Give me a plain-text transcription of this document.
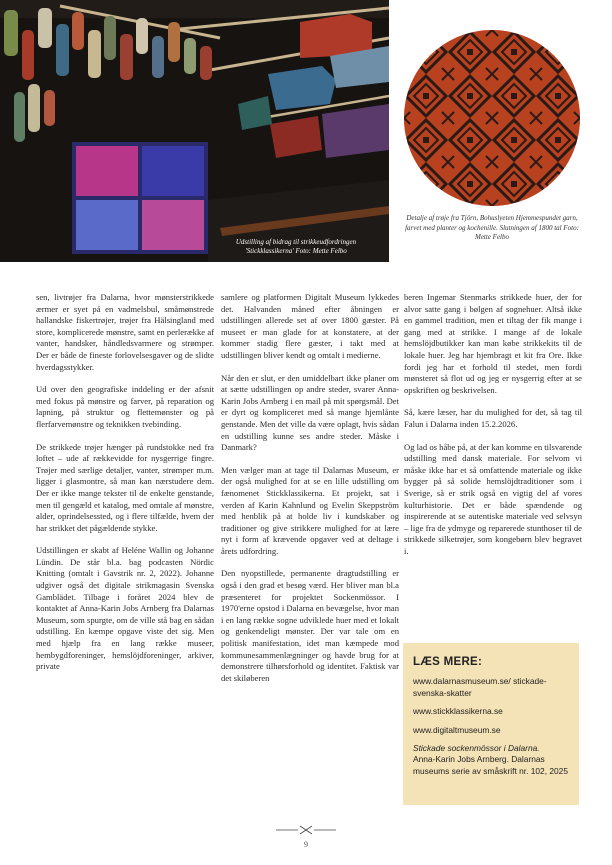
Udstilling af bidrag til strikkeudfordringen 'Stickklassikerna' Foto: Mette Felbo
Detalje af trøje fra Tjörn, Bohuslyeten Hjemmespundet garn, farvet med planter og kochenille. Slutningen af 1800 tal Foto: Mette Felbo

sen, livtrøjer fra Dalarna, hvor mønsterstrikkede ærmer er syet på en vadmelsbul, småmønstrede hallandske fiskertrøjer, trøjer fra Hälsingland med store, komplicerede mønstre, samt en perlerække af vanter, handsker, håndledsvarmere og strømper. Der er både de fineste forlovelsesgaver og de slidte hverdagsstykker.

Ud over den geografiske inddeling er der afsnit med fokus på mønstre og farver, på reparation og lapning, på struktur og flettemønster og på flerfarvemønstre og teknikken tvebinding.

De strikkede trøjer hænger på rundstokke ned fra loftet – ude af rækkevidde for nysgerrige fingre. Trøjer med særlige detaljer, vanter, strømper m.m. ligger i glasmontre, så man kan nærstudere dem. Der er ikke mange tekster til de enkelte genstande, men til gengæld et katalog, med omtale af mønstre, alder, oprindelsessted, og i flere tilfælde, hvem der har strikket det pågældende stykke.

Udstillingen er skabt af Heléne Wallin og Johanne Lündin. De står bl.a. bag podcasten Nördic Knitting (omtalt i Gavstrik nr. 2, 2022). Johanne udgiver også det digitale strikmagasin Svenska Gamblädet. Tilbage i foråret 2024 blev de kontaktet af Anna-Karin Jobs Arnberg fra Dalarnas Museum, som spurgte, om de ville stå bag en sådan udstilling. En kæmpe opgave viste det sig. Men med hjælp fra en lang række museer, hembygdforeninger, hemslöjdforeninger, arkiver, private

samlere og platformen Digitalt Museum lykkedes det. Halvanden måned efter åbningen er udstillingen allerede set af over 1800 gæster. På museet er man glade for at konstatere, at der kommer stadig flere gæster, i takt med at udstillingen bliver kendt og omtalt i medierne.

Når den er slut, er den umiddelbart ikke planer om at sætte udstillingen op andre steder, svarer Anna-Karin Jobs Arnberg i en mail på mit spørgsmål. Det er dyrt og kompliceret med så mange hjemlånte genstande. Men det ville da være oplagt, hvis sådan en udstilling kunne ses andre steder. Måske i Danmark?

Men vælger man at tage til Dalarnas Museum, er der også mulighed for at se en lille udstilling om fænomenet Stickklassikerna. Et projekt, sat i verden af Karin Kahnlund og Evelin Skeppström med henblik på at holde liv i kundskaber og traditioner og give strikkere mulighed for at lære nyt i form af krævende opgaver ved at deltage i årets udfordring.

Den nyopstillede, permanente dragtudstilling er også i den grad et besøg værd. Her bliver man bl.a præsenteret for projektet Sockenmössor. I 1970'erne opstod i Dalarna en bevægelse, hvor man i en lang række sogne udviklede huer med et lokalt og genkendeligt mønster. Der var tale om en politisk manifestation, idet man kæmpede mod kommunesammenlægninger og havde brug for at demonstrere tilhørsforhold og identitet. Faktisk var det skiløberen

beren Ingemar Stenmarks strikkede huer, der for alvor satte gang i bølgen af sognehuer. Altså ikke en gammel tradition, men et tiltag der fik mange i gang med at strikke. I mange af de lokale hemslöjdbutikker kan man købe strikkekits til de lokale huer. Jeg har hjembragt et kit fra Ore. Ikke fordi jeg har et forhold til stedet, men fordi mønsteret så flot ud og jeg er nysgerrig efter at se opskriften og beskrivelsen.

Så, kære læser, har du mulighed for det, så tag til Falun i Dalarna inden 15.2.2026.

Og lad os håbe på, at der kan komme en tilsvarende udstilling med dansk materiale. For selvom vi måske ikke har et så omfattende materiale og ikke bygger på så solide hemslöjdtraditioner som i Sverige, så er strik også en vigtig del af vores kulturhistorie. Det er både spændende og inspirerende at se autentiske materiale ved selvsyn – lige fra de ydmyge og reparerede stunthoser til de strikkede silketrøjer, som kongebørn blev begravet i.

LÆS MERE:
www.dalarnasmuseum.se/ stickade-svenska-skatter
www.stickklassikerna.se
www.digitaltmuseum.se
Stickade sockenmössor i Dalarna.
Anna-Karin Jobs Arnberg. Dalarnas museums serie av småskrift nr. 102, 2025
9
